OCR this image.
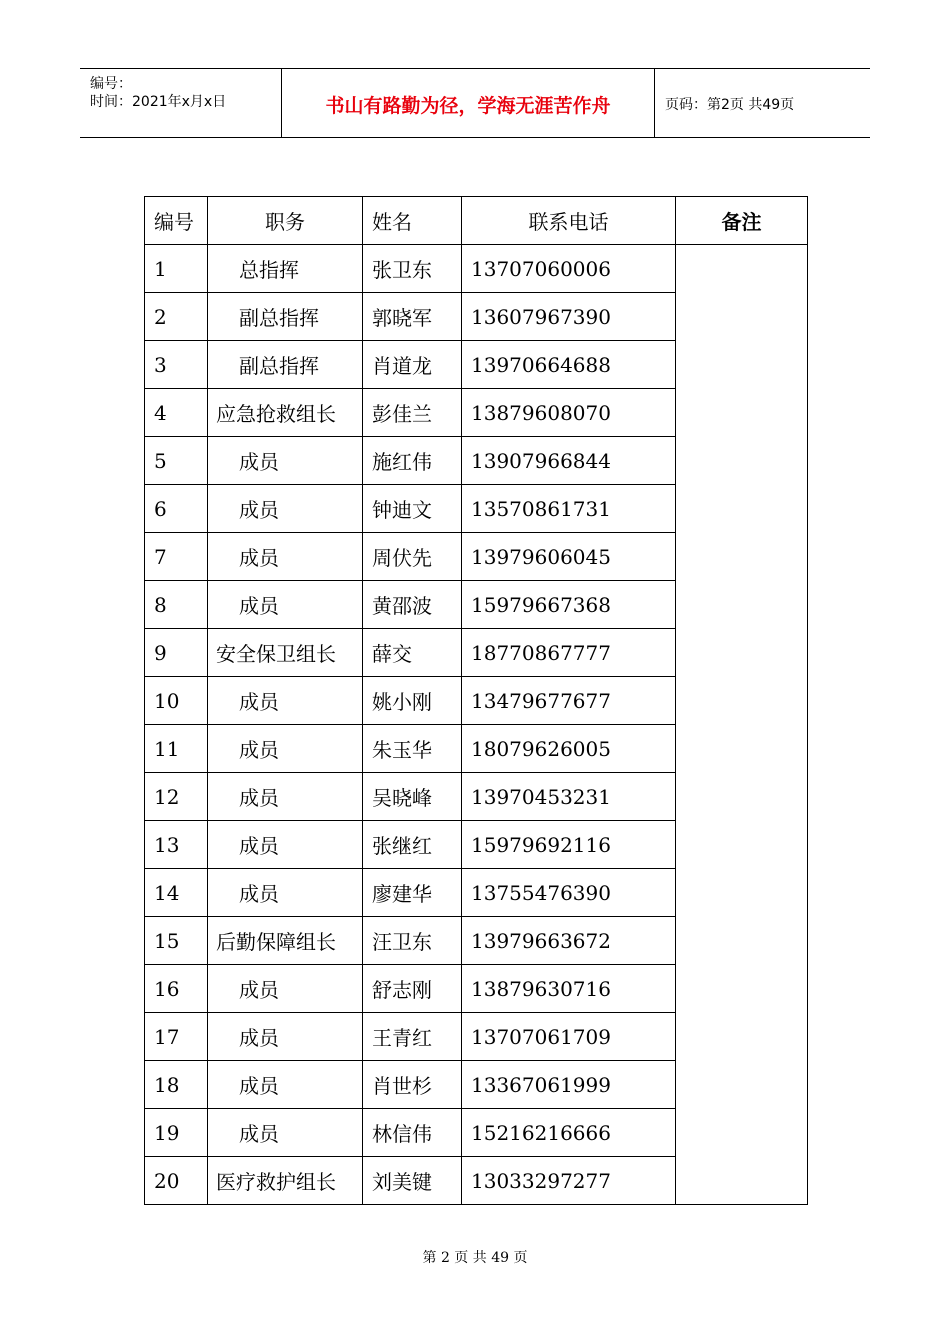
编号：
时间：2021年x月x日	书山有路勤为径，学海无涯苦作舟	页码：第2页 共49页
编号	职务	姓名	联系电话	备注
1	总指挥	张卫东	13707060006	
2	副总指挥	郭晓军	13607967390	
3	副总指挥	肖道龙	13970664688	
4	应急抢救组长	彭佳兰	13879608070	
5	成员	施红伟	13907966844	
6	成员	钟迪文	13570861731	
7	成员	周伏先	13979606045	
8	成员	黄邵波	15979667368	
9	安全保卫组长	薛交	18770867777	
10	成员	姚小刚	13479677677	
11	成员	朱玉华	18079626005	
12	成员	吴晓峰	13970453231	
13	成员	张继红	15979692116	
14	成员	廖建华	13755476390	
15	后勤保障组长	汪卫东	13979663672	
16	成员	舒志刚	13879630716	
17	成员	王青红	13707061709	
18	成员	肖世杉	13367061999	
19	成员	林信伟	15216216666	
20	医疗救护组长	刘美键	13033297277	
第 2 页 共 49 页
